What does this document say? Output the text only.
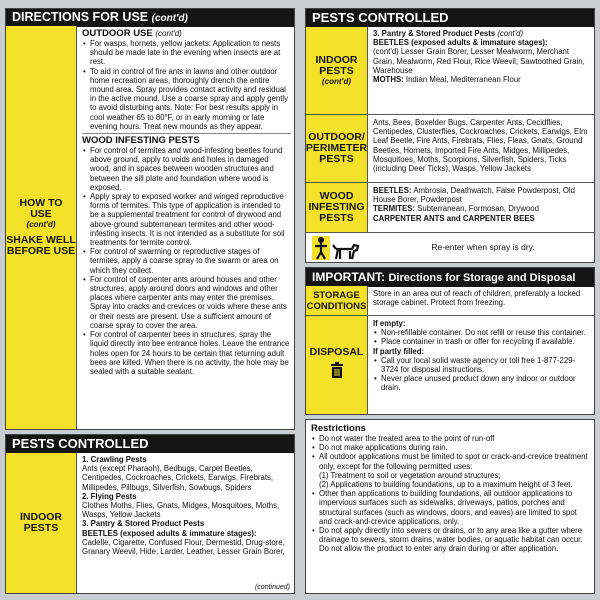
DIRECTIONS FOR USE (cont'd)
HOW TO
USE
(cont'd)
SHAKE WELL
BEFORE USE
OUTDOOR USE (cont'd)
• For wasps, hornets, yellow jackets: Application to nests should be made late in the evening when insects are at rest.
• To aid in control of fire ants in lawns and other outdoor home recreation areas, thoroughly drench the entire mound area. Spray provides contact activity and residual in the active mound. Use a coarse spray and apply gently to avoid disturbing ants. Note: For best results apply in cool weather 65 to 80°F, or in early morning or late evening hours. Treat new mounds as they appear.
WOOD INFESTING PESTS
• For control of termites and wood-infesting beetles found above ground, apply to voids and holes in damaged wood, and in spaces between wooden structures and between the sill plate and foundation where wood is exposed.
• Apply spray to exposed worker and winged reproductive forms of termites. This type of application is intended to be a supplemental treatment for control of drywood and above-ground subterranean termites and other wood-infesting insects. It is not intended as a substitute for soil treatments for termite control.
• For control of swarming or reproductive stages of termites, apply a coarse spray to the swarm or area on which they collect.
• For control of carpenter ants around houses and other structures, apply around doors and windows and other places where carpenter ants may enter the premises. Spray into cracks and crevices or voids where these ants or their nests are present. Use a sufficient amount of coarse spray to cover the area.
• For control of carpenter bees in structures, spray the liquid directly into bee entrance holes. Leave the entrance holes open for 24 hours to be certain that returning adult bees are killed. When there is no activity, the hole may be sealed with a suitable sealant.
PESTS CONTROLLED
INDOOR
PESTS
1. Crawling Pests
Ants (except Pharaoh), Bedbugs, Carpet Beetles, Centipedes, Cockroaches, Crickets, Earwigs, Firebrats, Millipedes, Pillbugs, Silverfish, Sowbugs, Spiders
2. Flying Pests
Clothes Moths, Flies, Gnats, Midges, Mosquitoes, Moths, Wasps, Yellow Jackets
3. Pantry & Stored Product Pests
BEETLES (exposed adults & immature stages):
Cadelle, Cigarette, Confused Flour, Dermestid, Drug-store, Granary Weevil, Hide, Larder, Leather, Lesser Grain Borer,
(continued)
PESTS CONTROLLED
INDOOR
PESTS
(cont'd)
3. Pantry & Stored Product Pests (cont'd)
BEETLES (exposed adults & immature stages):
(cont'd) Lesser Grain Borer, Lesser Mealworm, Merchant Grain, Mealworm, Red Flour, Rice Weevil, Sawtoothed Grain, Warehouse
MOTHS: Indian Meal, Mediterranean Flour
OUTDOOR/
PERIMETER
PESTS
Ants, Bees, Boxelder Bugs, Carpenter Ants, Cecidflies, Centipedes, Clusterflies, Cockroaches, Crickets, Earwigs, Elm Leaf Beetle, Fire Ants, Firebrats, Flies, Fleas, Gnats, Ground Beetles, Hornets, Imported Fire Ants, Midges, Millipedes, Mosquitoes, Moths, Scorpions, Silverfish, Spiders, Ticks (including Deer Ticks), Wasps, Yellow Jackets
WOOD
INFESTING
PESTS
BEETLES: Ambrosia, Deathwatch, False Powderpost, Old House Borer, Powderpost
TERMITES: Subterranean, Formosan, Drywood
CARPENTER ANTS and CARPENTER BEES
Re-enter when spray is dry.
IMPORTANT: Directions for Storage and Disposal
STORAGE
CONDITIONS
Store in an area out of reach of children, preferably a locked storage cabinet. Protect from freezing.
DISPOSAL
If empty:
• Non-refillable container. Do not refill or reuse this container.
• Place container in trash or offer for recycling if available.
If partly filled:
• Call your local solid waste agency or toll free 1-877-229-3724 for disposal instructions.
• Never place unused product down any indoor or outdoor drain.
Restrictions
• Do not water the treated area to the point of run-off
• Do not make applications during rain.
• All outdoor applications must be limited to spot or crack-and-crevice treatment only, except for the following permitted uses:
(1) Treatment to soil or vegetation around structures;
(2) Applications to building foundations, up to a maximum height of 3 feet.
• Other than applications to building foundations, all outdoor applications to impervious surfaces such as sidewalks, driveways, patios, porches and structural surfaces (such as windows, doors, and eaves) are limited to spot and crack-and-crevice applications, only.
• Do not apply directly into sewers or drains, or to any area like a gutter where drainage to sewers, storm drains, water bodies, or aquatic habitat can occur. Do not allow the product to enter any drain during or after application.
